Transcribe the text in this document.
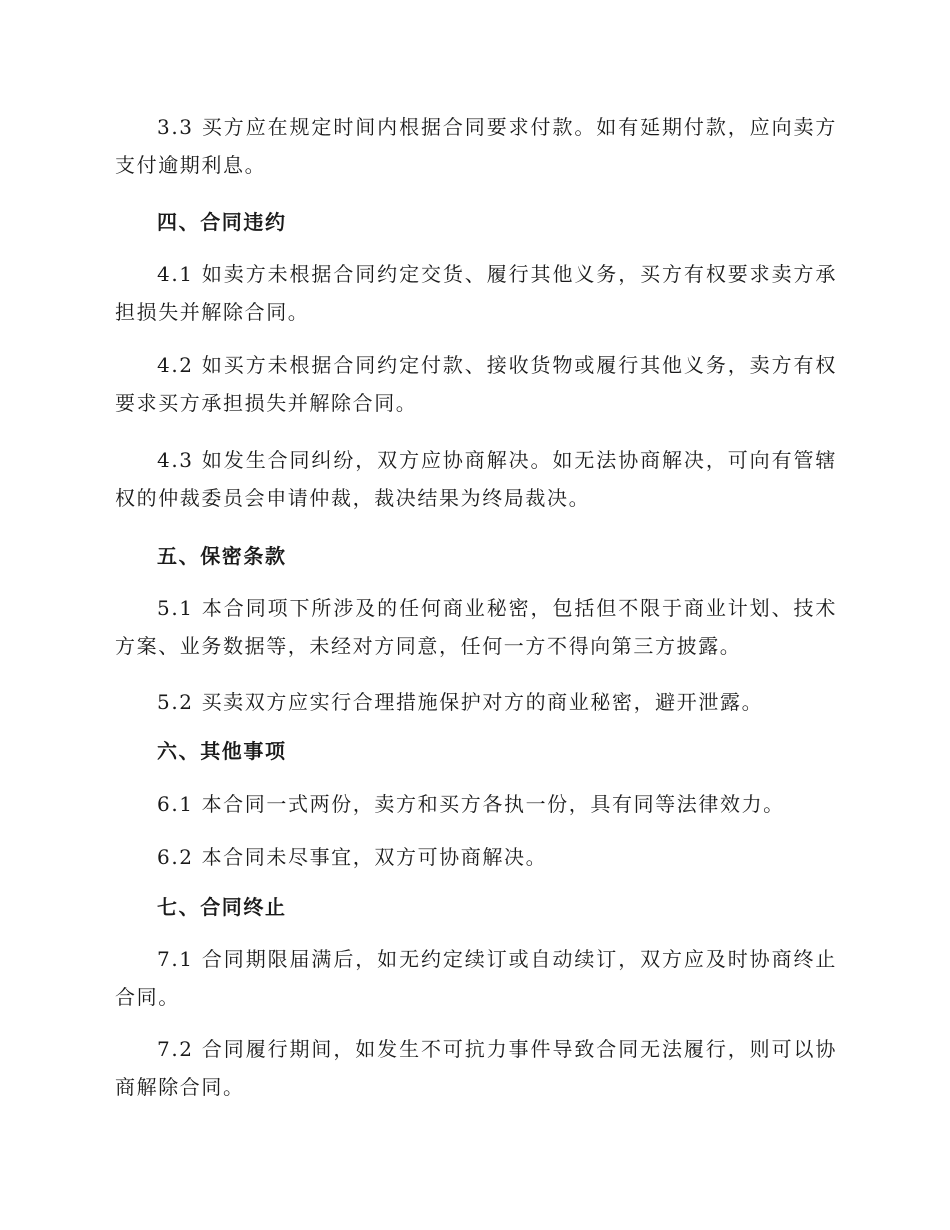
3.3 买方应在规定时间内根据合同要求付款。如有延期付款，应向卖方支付逾期利息。

四、合同违约

4.1 如卖方未根据合同约定交货、履行其他义务，买方有权要求卖方承担损失并解除合同。

4.2 如买方未根据合同约定付款、接收货物或履行其他义务，卖方有权要求买方承担损失并解除合同。

4.3 如发生合同纠纷，双方应协商解决。如无法协商解决，可向有管辖权的仲裁委员会申请仲裁，裁决结果为终局裁决。

五、保密条款

5.1 本合同项下所涉及的任何商业秘密，包括但不限于商业计划、技术方案、业务数据等，未经对方同意，任何一方不得向第三方披露。

5.2 买卖双方应实行合理措施保护对方的商业秘密，避开泄露。

六、其他事项

6.1 本合同一式两份，卖方和买方各执一份，具有同等法律效力。

6.2 本合同未尽事宜，双方可协商解决。

七、合同终止

7.1 合同期限届满后，如无约定续订或自动续订，双方应及时协商终止合同。

7.2 合同履行期间，如发生不可抗力事件导致合同无法履行，则可以协商解除合同。
